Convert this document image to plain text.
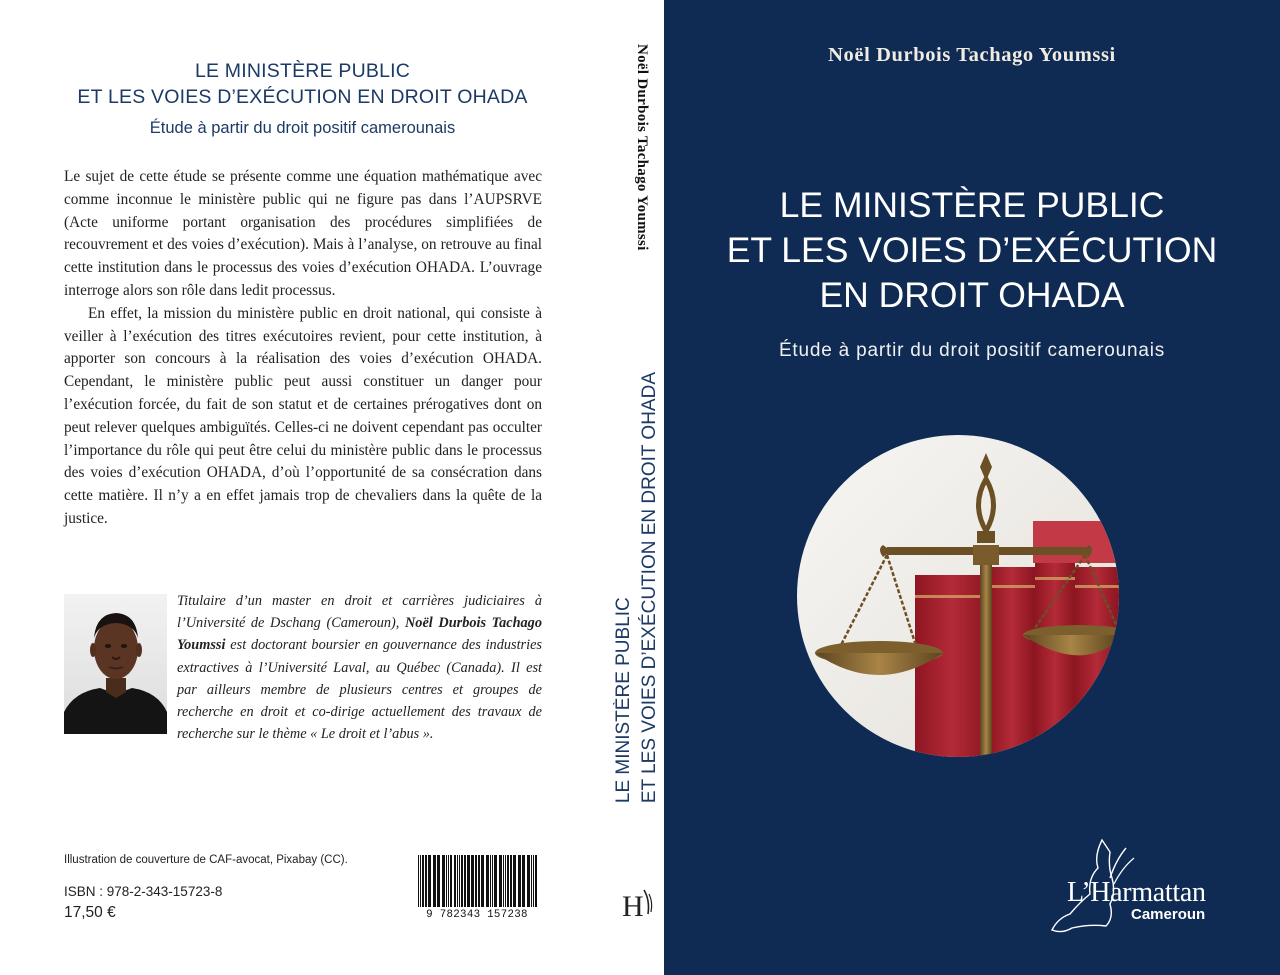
LE MINISTÈRE PUBLIC
ET LES VOIES D’EXÉCUTION EN DROIT OHADA
Étude à partir du droit positif camerounais

Le sujet de cette étude se présente comme une équation mathématique avec comme inconnue le ministère public qui ne figure pas dans l’AUPSRVE (Acte uniforme portant organisation des procédures simplifiées de recouvrement et des voies d’exécution). Mais à l’analyse, on retrouve au final cette institution dans le processus des voies d’exécution OHADA. L’ouvrage interroge alors son rôle dans ledit processus.

En effet, la mission du ministère public en droit national, qui consiste à veiller à l’exécution des titres exécutoires revient, pour cette institution, à apporter son concours à la réalisation des voies d’exécution OHADA. Cependant, le ministère public peut aussi constituer un danger pour l’exécution forcée, du fait de son statut et de certaines prérogatives dont on peut relever quelques ambiguïtés. Celles-ci ne doivent cependant pas occulter l’importance du rôle qui peut être celui du ministère public dans le processus des voies d’exécution OHADA, d’où l’opportunité de sa consécration dans cette matière. Il n’y a en effet jamais trop de chevaliers dans la quête de la justice.

Titulaire d’un master en droit et carrières judiciaires à l’Université de Dschang (Cameroun), Noël Durbois Tachago Youmssi est doctorant boursier en gouvernance des industries extractives à l’Université Laval, au Québec (Canada). Il est par ailleurs membre de plusieurs centres et groupes de recherche en droit et co-dirige actuellement des travaux de recherche sur le thème « Le droit et l’abus ».
Illustration de couverture de CAF-avocat, Pixabay (CC).
ISBN : 978-2-343-15723-8
17,50 €	9 782343 157238
Noël Durbois Tachago Youmssi
LE MINISTÈRE PUBLIC ET LES VOIES D’EXÉCUTION EN DROIT OHADA
H
Noël Durbois Tachago Youmssi
LE MINISTÈRE PUBLIC
ET LES VOIES D’EXÉCUTION
EN DROIT OHADA
Étude à partir du droit positif camerounais
L’Harmattan
Cameroun
